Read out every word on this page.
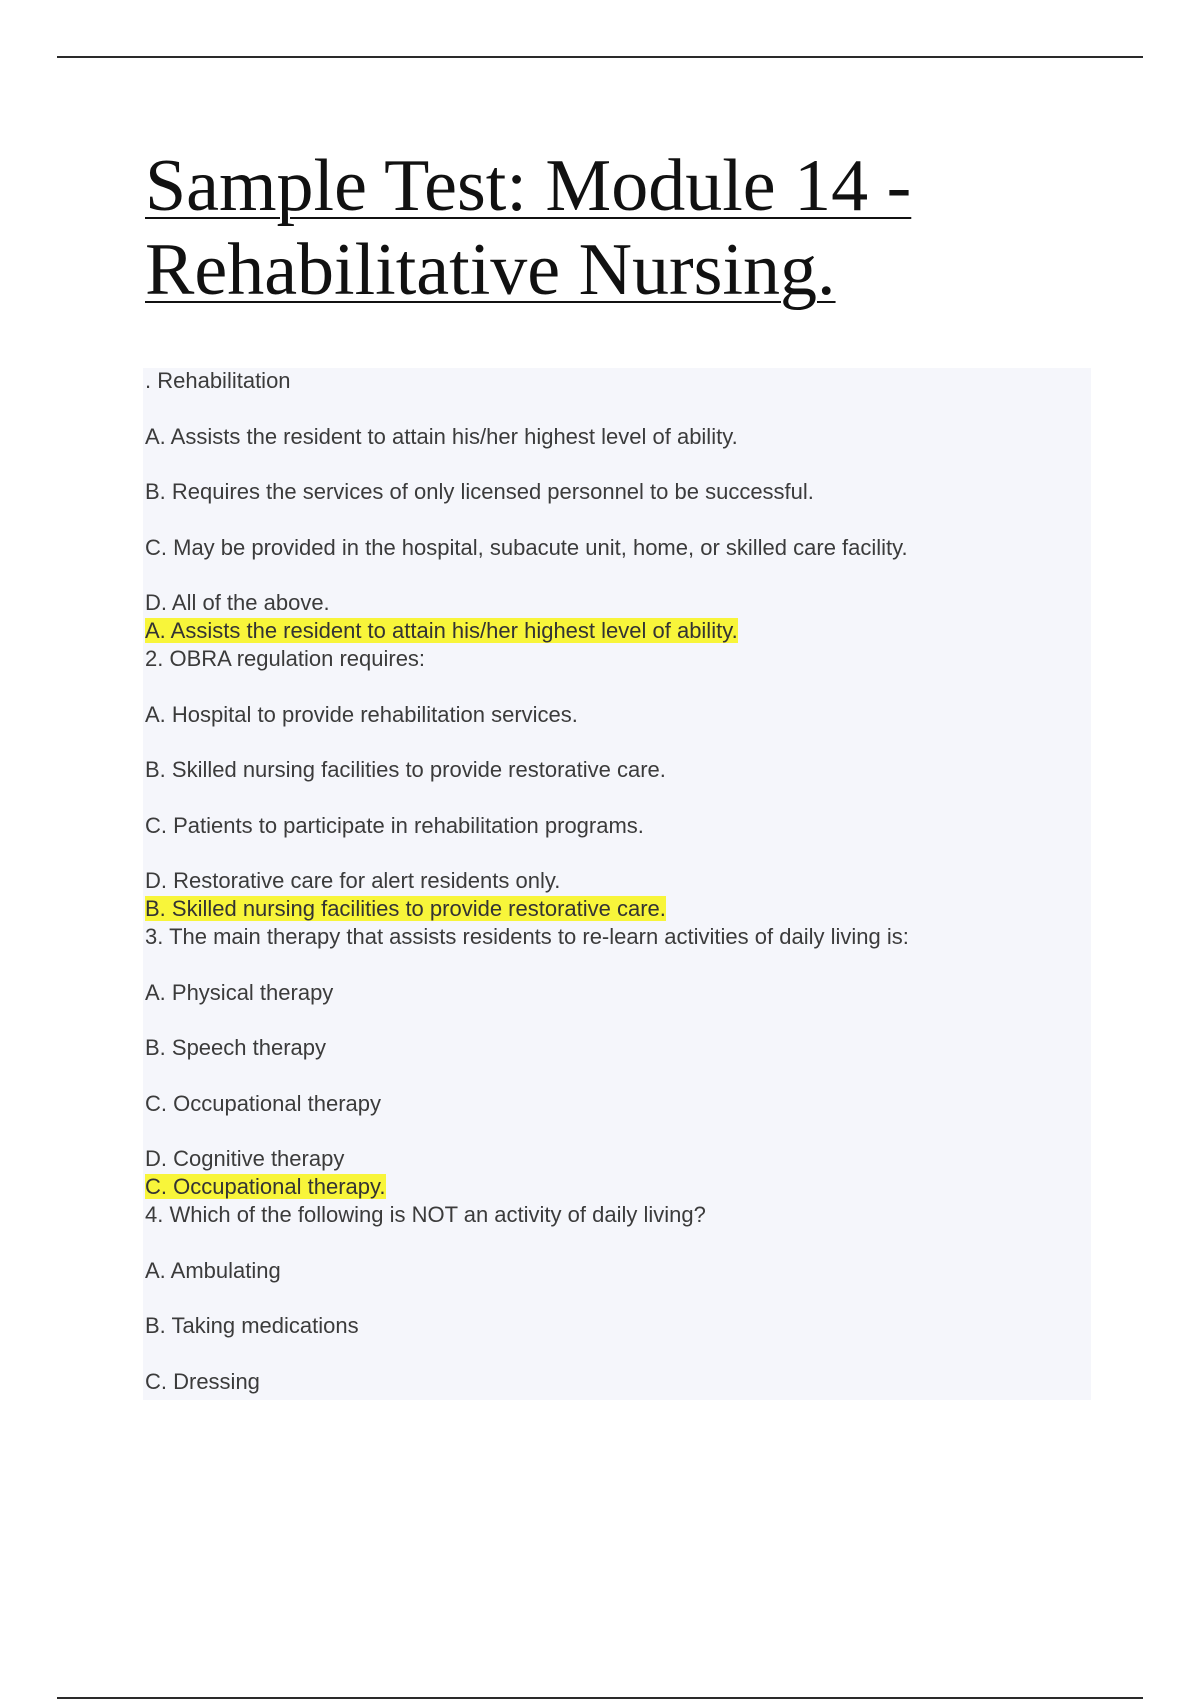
Sample Test: Module 14 -
Rehabilitative Nursing.
. Rehabilitation
A. Assists the resident to attain his/her highest level of ability.
B. Requires the services of only licensed personnel to be successful.
C. May be provided in the hospital, subacute unit, home, or skilled care facility.
D. All of the above.
A. Assists the resident to attain his/her highest level of ability.
2. OBRA regulation requires:
A. Hospital to provide rehabilitation services.
B. Skilled nursing facilities to provide restorative care.
C. Patients to participate in rehabilitation programs.
D. Restorative care for alert residents only.
B. Skilled nursing facilities to provide restorative care.
3. The main therapy that assists residents to re-learn activities of daily living is:
A. Physical therapy
B. Speech therapy
C. Occupational therapy
D. Cognitive therapy
C. Occupational therapy.
4. Which of the following is NOT an activity of daily living?
A. Ambulating
B. Taking medications
C. Dressing
